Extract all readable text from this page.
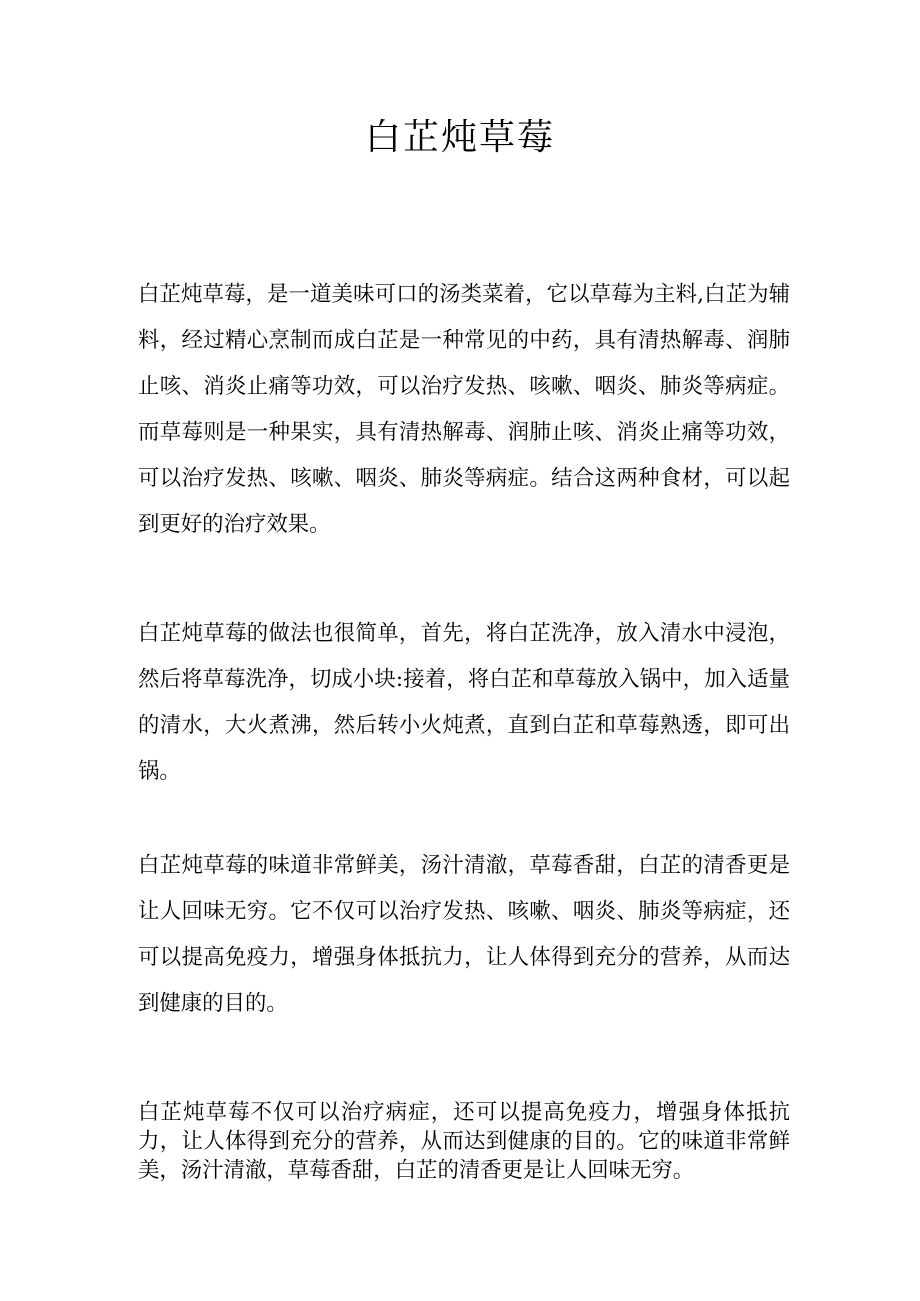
白芷炖草莓

白芷炖草莓，是一道美味可口的汤类菜着，它以草莓为主料,白芷为辅料，经过精心烹制而成白芷是一种常见的中药，具有清热解毒、润肺止咳、消炎止痛等功效，可以治疗发热、咳嗽、咽炎、肺炎等病症。而草莓则是一种果实，具有清热解毒、润肺止咳、消炎止痛等功效，可以治疗发热、咳嗽、咽炎、肺炎等病症。结合这两种食材，可以起到更好的治疗效果。

白芷炖草莓的做法也很简单，首先，将白芷洗净，放入清水中浸泡，然后将草莓洗净，切成小块:接着，将白芷和草莓放入锅中，加入适量的清水，大火煮沸，然后转小火炖煮，直到白芷和草莓熟透，即可出锅。

白芷炖草莓的味道非常鲜美，汤汁清澈，草莓香甜，白芷的清香更是让人回味无穷。它不仅可以治疗发热、咳嗽、咽炎、肺炎等病症，还可以提高免疫力，增强身体抵抗力，让人体得到充分的营养，从而达到健康的目的。

白芷炖草莓不仅可以治疗病症，还可以提高免疫力，增强身体抵抗力，让人体得到充分的营养，从而达到健康的目的。它的味道非常鲜美，汤汁清澈，草莓香甜，白芷的清香更是让人回味无穷。
